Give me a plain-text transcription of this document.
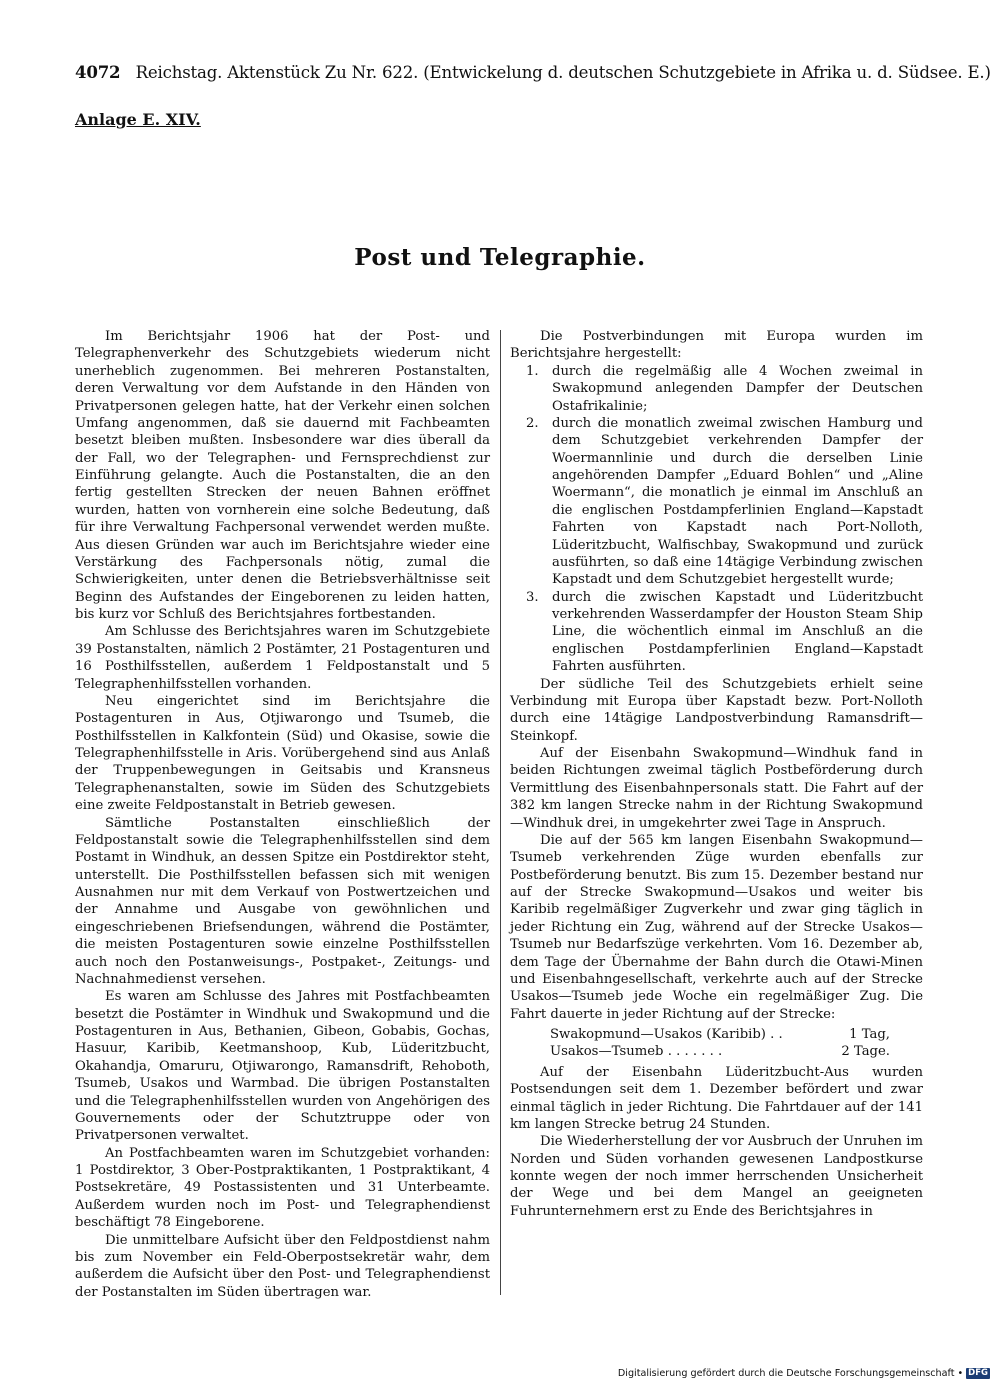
4072 Reichstag. Aktenstück Zu Nr. 622. (Entwickelung d. deutschen Schutzgebiete in Afrika u. d. Südsee. E.)
Anlage E. XIV.
Post und Telegraphie.

Im Berichtsjahr 1906 hat der Post- und Telegraphenverkehr des Schutzgebiets wiederum nicht unerheblich zugenommen. Bei mehreren Postanstalten, deren Verwaltung vor dem Aufstande in den Händen von Privatpersonen gelegen hatte, hat der Verkehr einen solchen Umfang angenommen, daß sie dauernd mit Fachbeamten besetzt bleiben mußten. Insbesondere war dies überall da der Fall, wo der Telegraphen- und Fernsprechdienst zur Einführung gelangte. Auch die Postanstalten, die an den fertig gestellten Strecken der neuen Bahnen eröffnet wurden, hatten von vornherein eine solche Bedeutung, daß für ihre Verwaltung Fachpersonal verwendet werden mußte. Aus diesen Gründen war auch im Berichtsjahre wieder eine Verstärkung des Fachpersonals nötig, zumal die Schwierigkeiten, unter denen die Betriebsverhältnisse seit Beginn des Aufstandes der Eingeborenen zu leiden hatten, bis kurz vor Schluß des Berichtsjahres fortbestanden.

Am Schlusse des Berichtsjahres waren im Schutzgebiete 39 Postanstalten, nämlich 2 Postämter, 21 Postagenturen und 16 Posthilfsstellen, außerdem 1 Feldpostanstalt und 5 Telegraphenhilfsstellen vorhanden.

Neu eingerichtet sind im Berichtsjahre die Postagenturen in Aus, Otjiwarongo und Tsumeb, die Posthilfsstellen in Kalkfontein (Süd) und Okasise, sowie die Telegraphenhilfsstelle in Aris. Vorübergehend sind aus Anlaß der Truppenbewegungen in Geitsabis und Kransneus Telegraphenanstalten, sowie im Süden des Schutzgebiets eine zweite Feldpostanstalt in Betrieb gewesen.

Sämtliche Postanstalten einschließlich der Feldpostanstalt sowie die Telegraphenhilfsstellen sind dem Postamt in Windhuk, an dessen Spitze ein Postdirektor steht, unterstellt. Die Posthilfsstellen befassen sich mit wenigen Ausnahmen nur mit dem Verkauf von Postwertzeichen und der Annahme und Ausgabe von gewöhnlichen und eingeschriebenen Briefsendungen, während die Postämter, die meisten Postagenturen sowie einzelne Posthilfsstellen auch noch den Postanweisungs-, Postpaket-, Zeitungs- und Nachnahmedienst versehen.

Es waren am Schlusse des Jahres mit Postfachbeamten besetzt die Postämter in Windhuk und Swakopmund und die Postagenturen in Aus, Bethanien, Gibeon, Gobabis, Gochas, Hasuur, Karibib, Keetmanshoop, Kub, Lüderitzbucht, Okahandja, Omaruru, Otjiwarongo, Ramansdrift, Rehoboth, Tsumeb, Usakos und Warmbad. Die übrigen Postanstalten und die Telegraphenhilfsstellen wurden von Angehörigen des Gouvernements oder der Schutztruppe oder von Privatpersonen verwaltet.

An Postfachbeamten waren im Schutzgebiet vorhanden: 1 Postdirektor, 3 Ober-Postpraktikanten, 1 Postpraktikant, 4 Postsekretäre, 49 Postassistenten und 31 Unterbeamte. Außerdem wurden noch im Post- und Telegraphendienst beschäftigt 78 Eingeborene.

Die unmittelbare Aufsicht über den Feldpostdienst nahm bis zum November ein Feld-Oberpostsekretär wahr, dem außerdem die Aufsicht über den Post- und Telegraphendienst der Postanstalten im Süden übertragen war.

Die Postverbindungen mit Europa wurden im Berichtsjahre hergestellt:

1.	durch die regelmäßig alle 4 Wochen zweimal in Swakopmund anlegenden Dampfer der Deutschen Ostafrikalinie;
2.	durch die monatlich zweimal zwischen Hamburg und dem Schutzgebiet verkehrenden Dampfer der Woermannlinie und durch die derselben Linie angehörenden Dampfer „Eduard Bohlen“ und „Aline Woermann“, die monatlich je einmal im Anschluß an die englischen Postdampferlinien England—Kapstadt Fahrten von Kapstadt nach Port-Nolloth, Lüderitzbucht, Walfischbay, Swakopmund und zurück ausführten, so daß eine 14tägige Verbindung zwischen Kapstadt und dem Schutzgebiet hergestellt wurde;
3.	durch die zwischen Kapstadt und Lüderitzbucht verkehrenden Wasserdampfer der Houston Steam Ship Line, die wöchentlich einmal im Anschluß an die englischen Postdampferlinien England—Kapstadt Fahrten ausführten.

Der südliche Teil des Schutzgebiets erhielt seine Verbindung mit Europa über Kapstadt bezw. Port-Nolloth durch eine 14tägige Landpostverbindung Ramansdrift—Steinkopf.

Auf der Eisenbahn Swakopmund—Windhuk fand in beiden Richtungen zweimal täglich Postbeförderung durch Vermittlung des Eisenbahnpersonals statt. Die Fahrt auf der 382 km langen Strecke nahm in der Richtung Swakopmund—Windhuk drei, in umgekehrter zwei Tage in Anspruch.

Die auf der 565 km langen Eisenbahn Swakopmund—Tsumeb verkehrenden Züge wurden ebenfalls zur Postbeförderung benutzt. Bis zum 15. Dezember bestand nur auf der Strecke Swakopmund—Usakos und weiter bis Karibib regelmäßiger Zugverkehr und zwar ging täglich in jeder Richtung ein Zug, während auf der Strecke Usakos—Tsumeb nur Bedarfszüge verkehrten. Vom 16. Dezember ab, dem Tage der Übernahme der Bahn durch die Otawi-Minen und Eisenbahngesellschaft, verkehrte auch auf der Strecke Usakos—Tsumeb jede Woche ein regelmäßiger Zug. Die Fahrt dauerte in jeder Richtung auf der Strecke:

Swakopmund—Usakos (Karibib) . .	1 Tag,
Usakos—Tsumeb . . . . . . .	2 Tage.

Auf der Eisenbahn Lüderitzbucht-Aus wurden Postsendungen seit dem 1. Dezember befördert und zwar einmal täglich in jeder Richtung. Die Fahrtdauer auf der 141 km langen Strecke betrug 24 Stunden.

Die Wiederherstellung der vor Ausbruch der Unruhen im Norden und Süden vorhanden gewesenen Landpostkurse konnte wegen der noch immer herrschenden Unsicherheit der Wege und bei dem Mangel an geeigneten Fuhrunternehmern erst zu Ende des Berichtsjahres in

Digitalisierung gefördert durch die Deutsche Forschungsgemeinschaft • DFG
